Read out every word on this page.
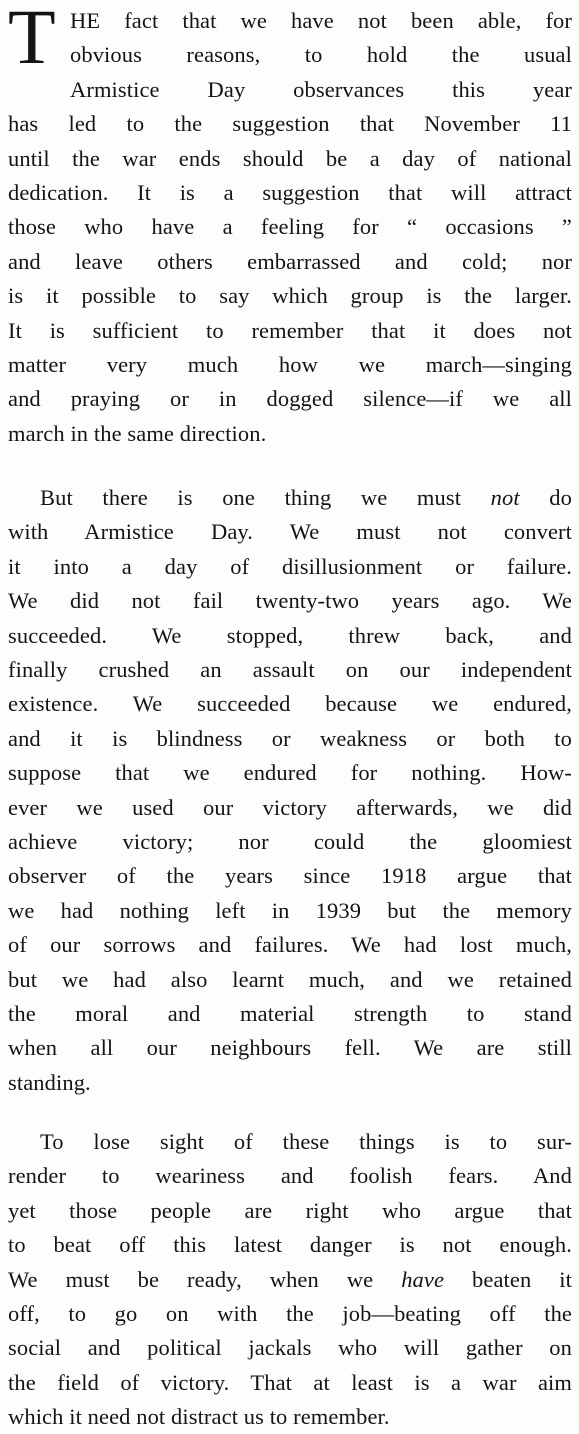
T HE fact that we have not been able, for
obvious reasons, to hold the usual
Armistice Day observances this year
has led to the suggestion that November 11
until the war ends should be a day of national
dedication. It is a suggestion that will attract
those who have a feeling for “ occasions ”
and leave others embarrassed and cold; nor
is it possible to say which group is the larger.
It is sufficient to remember that it does not
matter very much how we march—singing
and praying or in dogged silence—if we all
march in the same direction.
But there is one thing we must not do
with Armistice Day. We must not convert
it into a day of disillusionment or failure.
We did not fail twenty-two years ago. We
succeeded. We stopped, threw back, and
finally crushed an assault on our independent
existence. We succeeded because we endured,
and it is blindness or weakness or both to
suppose that we endured for nothing. How-
ever we used our victory afterwards, we did
achieve victory; nor could the gloomiest
observer of the years since 1918 argue that
we had nothing left in 1939 but the memory
of our sorrows and failures. We had lost much,
but we had also learnt much, and we retained
the moral and material strength to stand
when all our neighbours fell. We are still
standing.
To lose sight of these things is to sur-
render to weariness and foolish fears. And
yet those people are right who argue that
to beat off this latest danger is not enough.
We must be ready, when we have beaten it
off, to go on with the job—beating off the
social and political jackals who will gather on
the field of victory. That at least is a war aim
which it need not distract us to remember.
